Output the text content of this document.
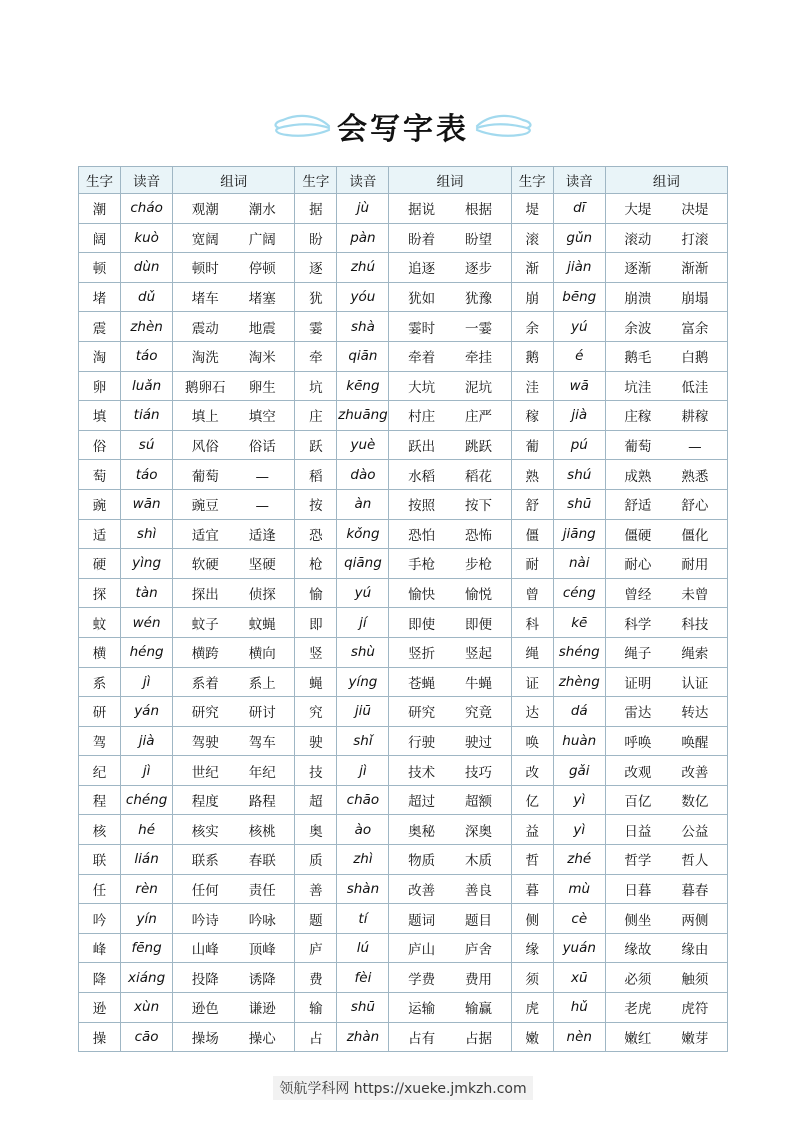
会写字表
生字	读音	组词	生字	读音	组词	生字	读音	组词
潮	cháo	观潮 潮水	据	jù	据说 根据	堤	dī	大堤 决堤
阔	kuò	宽阔 广阔	盼	pàn	盼着 盼望	滚	gǔn	滚动 打滚
顿	dùn	顿时 停顿	逐	zhú	追逐 逐步	渐	jiàn	逐渐 渐渐
堵	dǔ	堵车 堵塞	犹	yóu	犹如 犹豫	崩	bēng	崩溃 崩塌
震	zhèn	震动 地震	霎	shà	霎时 一霎	余	yú	余波 富余
淘	táo	淘洗 淘米	牵	qiān	牵着 牵挂	鹅	é	鹅毛 白鹅
卵	luǎn	鹅卵石 卵生	坑	kēng	大坑 泥坑	洼	wā	坑洼 低洼
填	tián	填上 填空	庄	zhuāng	村庄 庄严	稼	jià	庄稼 耕稼
俗	sú	风俗 俗话	跃	yuè	跃出 跳跃	葡	pú	葡萄 —
萄	táo	葡萄 —	稻	dào	水稻 稻花	熟	shú	成熟 熟悉
豌	wān	豌豆 —	按	àn	按照 按下	舒	shū	舒适 舒心
适	shì	适宜 适逢	恐	kǒng	恐怕 恐怖	僵	jiāng	僵硬 僵化
硬	yìng	软硬 坚硬	枪	qiāng	手枪 步枪	耐	nài	耐心 耐用
探	tàn	探出 侦探	愉	yú	愉快 愉悦	曾	céng	曾经 未曾
蚊	wén	蚊子 蚊蝇	即	jí	即使 即便	科	kē	科学 科技
横	héng	横跨 横向	竖	shù	竖折 竖起	绳	shéng	绳子 绳索
系	jì	系着 系上	蝇	yíng	苍蝇 牛蝇	证	zhèng	证明 认证
研	yán	研究 研讨	究	jiū	研究 究竟	达	dá	雷达 转达
驾	jià	驾驶 驾车	驶	shǐ	行驶 驶过	唤	huàn	呼唤 唤醒
纪	jì	世纪 年纪	技	jì	技术 技巧	改	gǎi	改观 改善
程	chéng	程度 路程	超	chāo	超过 超额	亿	yì	百亿 数亿
核	hé	核实 核桃	奥	ào	奥秘 深奥	益	yì	日益 公益
联	lián	联系 春联	质	zhì	物质 木质	哲	zhé	哲学 哲人
任	rèn	任何 责任	善	shàn	改善 善良	暮	mù	日暮 暮春
吟	yín	吟诗 吟咏	题	tí	题词 题目	侧	cè	侧坐 两侧
峰	fēng	山峰 顶峰	庐	lú	庐山 庐舍	缘	yuán	缘故 缘由
降	xiáng	投降 诱降	费	fèi	学费 费用	须	xū	必须 触须
逊	xùn	逊色 谦逊	输	shū	运输 输赢	虎	hǔ	老虎 虎符
操	cāo	操场 操心	占	zhàn	占有 占据	嫩	nèn	嫩红 嫩芽
领航学科网 https://xueke.jmkzh.com
